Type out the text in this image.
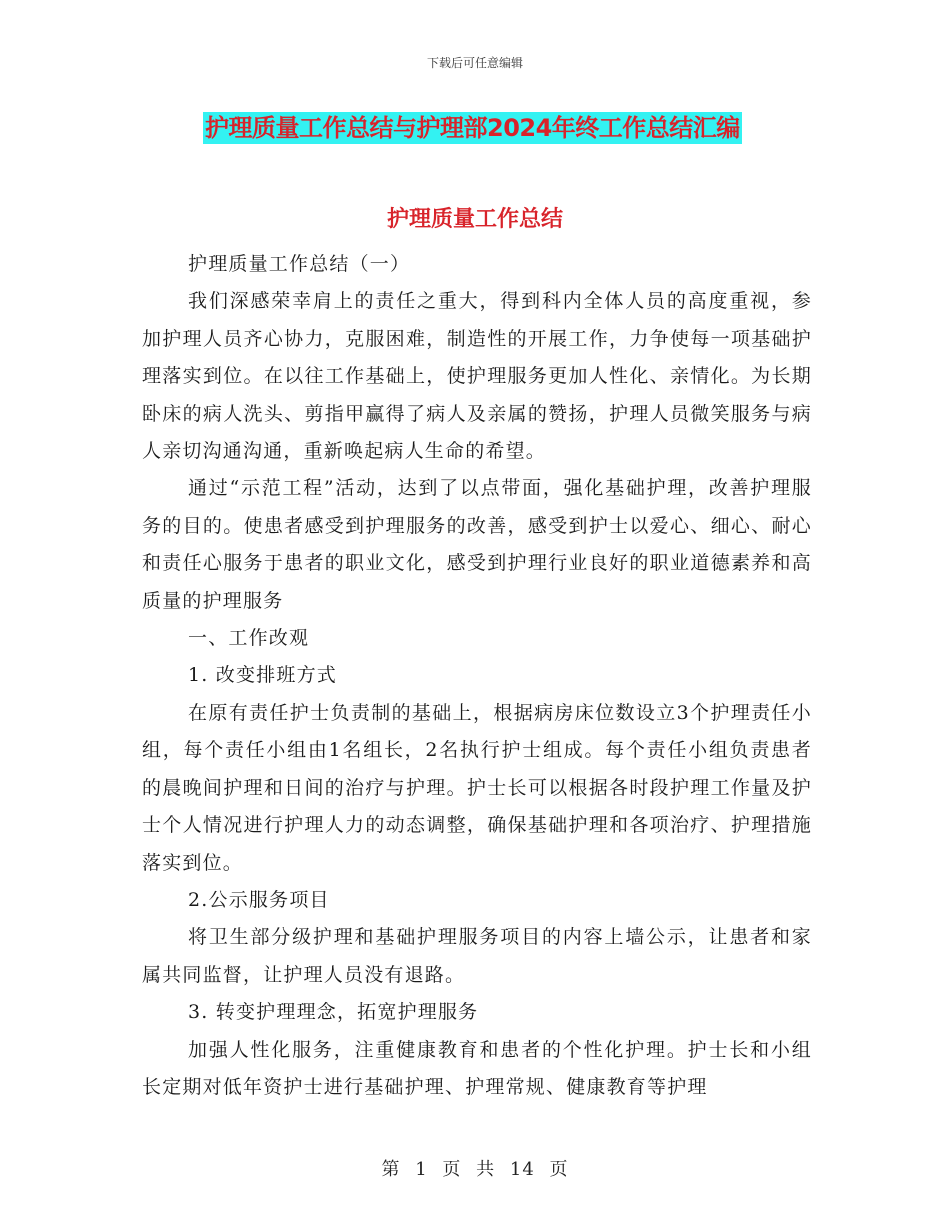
下载后可任意编辑
护理质量工作总结与护理部2024年终工作总结汇编
护理质量工作总结

护理质量工作总结（一）

我们深感荣幸肩上的责任之重大，得到科内全体人员的高度重视，参加护理人员齐心协力，克服困难，制造性的开展工作，力争使每一项基础护理落实到位。在以往工作基础上，使护理服务更加人性化、亲情化。为长期卧床的病人洗头、剪指甲赢得了病人及亲属的赞扬，护理人员微笑服务与病人亲切沟通沟通，重新唤起病人生命的希望。

通过“示范工程”活动，达到了以点带面，强化基础护理，改善护理服务的目的。使患者感受到护理服务的改善，感受到护士以爱心、细心、耐心和责任心服务于患者的职业文化，感受到护理行业良好的职业道德素养和高质量的护理服务

一、工作改观

1. 改变排班方式

在原有责任护士负责制的基础上，根据病房床位数设立3个护理责任小组，每个责任小组由1名组长，2名执行护士组成。每个责任小组负责患者的晨晚间护理和日间的治疗与护理。护士长可以根据各时段护理工作量及护士个人情况进行护理人力的动态调整，确保基础护理和各项治疗、护理措施落实到位。

2.公示服务项目

将卫生部分级护理和基础护理服务项目的内容上墙公示，让患者和家属共同监督，让护理人员没有退路。

3. 转变护理理念，拓宽护理服务

加强人性化服务，注重健康教育和患者的个性化护理。护士长和小组长定期对低年资护士进行基础护理、护理常规、健康教育等护理

第 1 页 共 14 页
